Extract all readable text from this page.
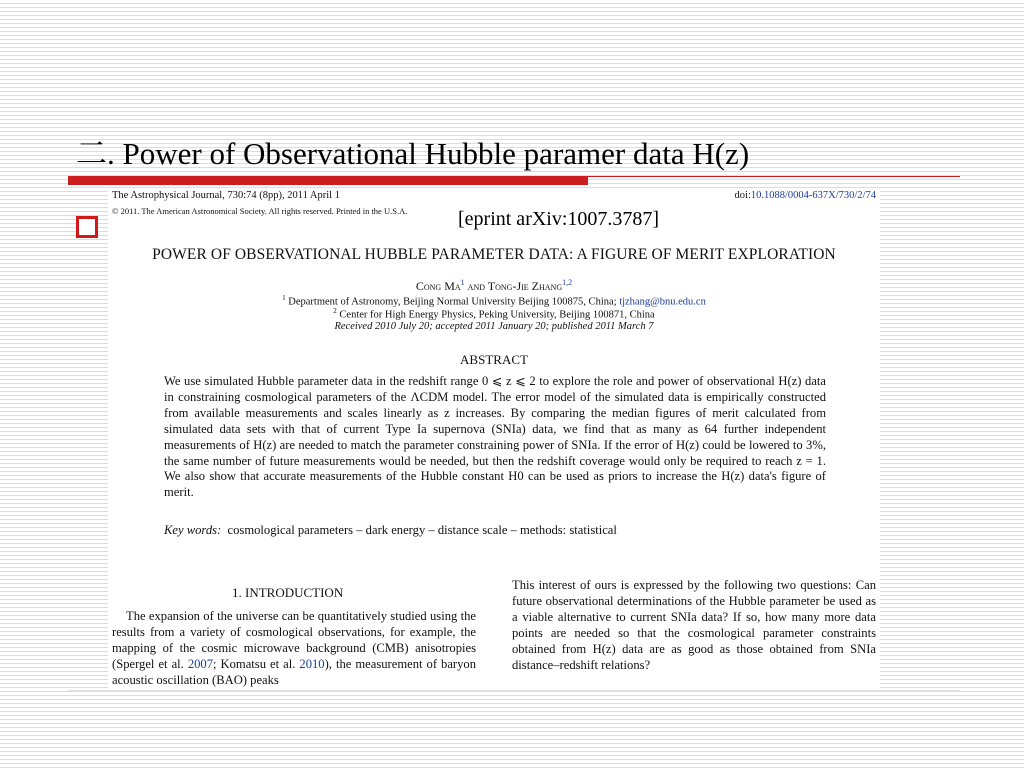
二. Power of Observational Hubble paramer data H(z)
The Astrophysical Journal, 730:74 (8pp), 2011 April 1
© 2011. The American Astronomical Society. All rights reserved. Printed in the U.S.A.
doi:10.1088/0004-637X/730/2/74
[eprint arXiv:1007.3787]
POWER OF OBSERVATIONAL HUBBLE PARAMETER DATA: A FIGURE OF MERIT EXPLORATION
Cong Ma$^1$ and Tong-Jie Zhang$^{1,2}$
$^1$ Department of Astronomy, Beijing Normal University Beijing 100875, China; tjzhang@bnu.edu.cn
$^2$ Center for High Energy Physics, Peking University, Beijing 100871, China
Received 2010 July 20; accepted 2011 January 20; published 2011 March 7
ABSTRACT
We use simulated Hubble parameter data in the redshift range 0 ⩽ z ⩽ 2 to explore the role and power of observational H(z) data in constraining cosmological parameters of the ΛCDM model. The error model of the simulated data is empirically constructed from available measurements and scales linearly as z increases. By comparing the median figures of merit calculated from simulated data sets with that of current Type Ia supernova (SNIa) data, we find that as many as 64 further independent measurements of H(z) are needed to match the parameter constraining power of SNIa. If the error of H(z) could be lowered to 3%, the same number of future measurements would be needed, but then the redshift coverage would only be required to reach z = 1. We also show that accurate measurements of the Hubble constant H0 can be used as priors to increase the H(z) data's figure of merit.
Key words:  cosmological parameters – dark energy – distance scale – methods: statistical
1. INTRODUCTION
The expansion of the universe can be quantitatively studied using the results from a variety of cosmological observations, for example, the mapping of the cosmic microwave background (CMB) anisotropies (Spergel et al. 2007; Komatsu et al. 2010), the measurement of baryon acoustic oscillation (BAO) peaks
This interest of ours is expressed by the following two questions: Can future observational determinations of the Hubble parameter be used as a viable alternative to current SNIa data? If so, how many more data points are needed so that the cosmological parameter constraints obtained from H(z) data are as good as those obtained from SNIa distance–redshift relations?
